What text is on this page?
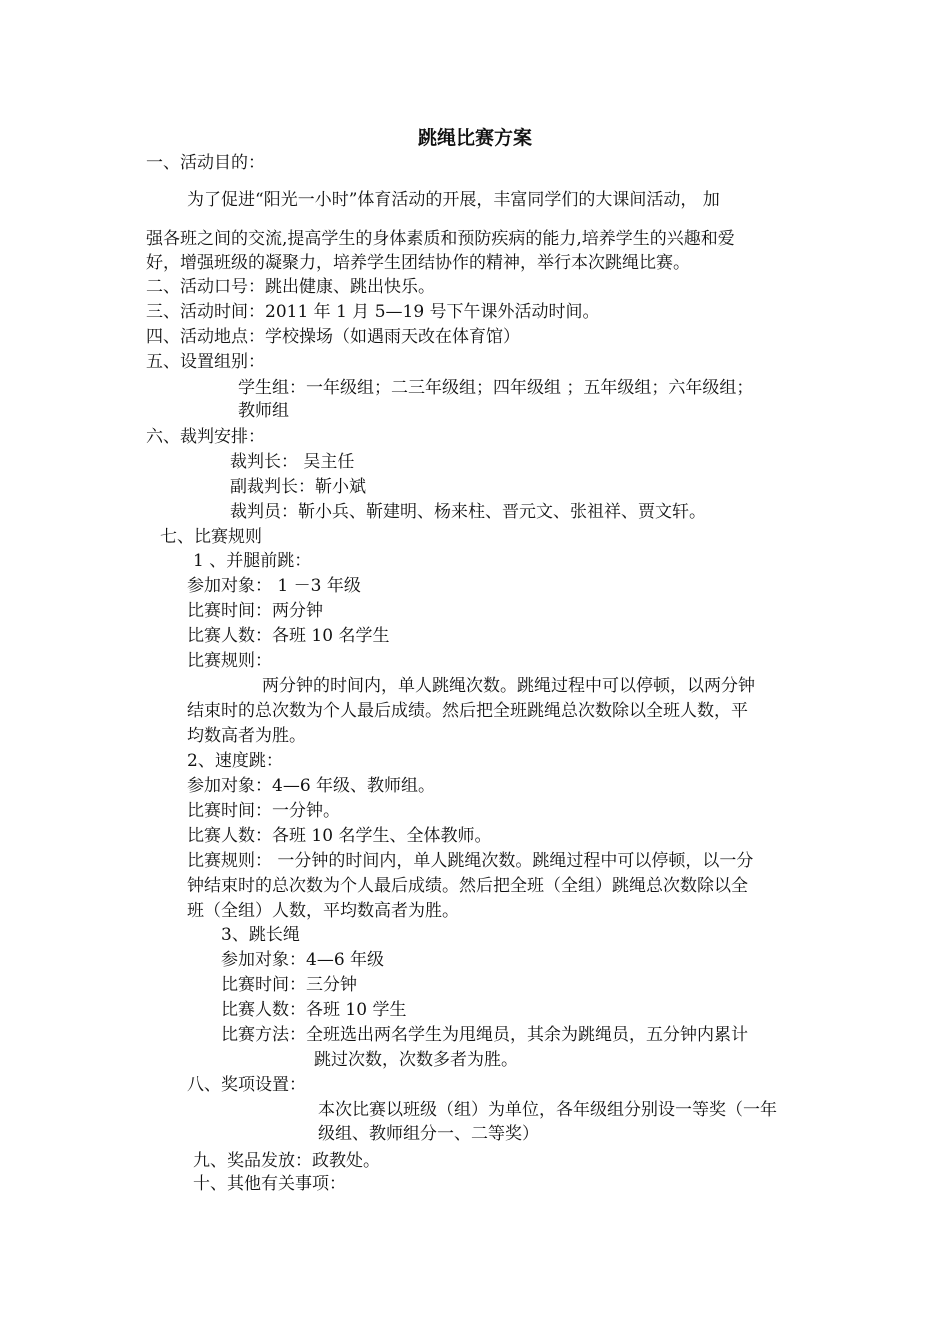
跳绳比赛方案
一、活动目的：
为了促进“阳光一小时”体育活动的开展，丰富同学们的大课间活动， 加
强各班之间的交流,提高学生的身体素质和预防疾病的能力,培养学生的兴趣和爱
好，增强班级的凝聚力，培养学生团结协作的精神，举行本次跳绳比赛。
二、活动口号：跳出健康、跳出快乐。
三、活动时间：2011 年 1 月 5—19 号下午课外活动时间。
四、活动地点：学校操场（如遇雨天改在体育馆）
五、设置组别：
学生组：一年级组；二三年级组；四年级组 ；五年级组；六年级组；
教师组
六、裁判安排：
裁判长： 吴主任
副裁判长：靳小斌
裁判员：靳小兵、靳建明、杨来柱、晋元文、张祖祥、贾文轩。
七、比赛规则
1 、并腿前跳：
参加对象： 1 －3 年级
比赛时间：两分钟
比赛人数：各班 10 名学生
比赛规则：
两分钟的时间内，单人跳绳次数。跳绳过程中可以停顿，以两分钟
结束时的总次数为个人最后成绩。然后把全班跳绳总次数除以全班人数，平
均数高者为胜。
2、速度跳：
参加对象：4—6 年级、教师组。
比赛时间：一分钟。
比赛人数：各班 10 名学生、全体教师。
比赛规则： 一分钟的时间内，单人跳绳次数。跳绳过程中可以停顿，以一分
钟结束时的总次数为个人最后成绩。然后把全班（全组）跳绳总次数除以全
班（全组）人数，平均数高者为胜。
3、跳长绳
参加对象：4—6 年级
比赛时间：三分钟
比赛人数：各班 10 学生
比赛方法：全班选出两名学生为甩绳员，其余为跳绳员，五分钟内累计
跳过次数，次数多者为胜。
八、奖项设置：
本次比赛以班级（组）为单位，各年级组分别设一等奖（一年
级组、教师组分一、二等奖）
九、奖品发放：政教处。
十、其他有关事项：
